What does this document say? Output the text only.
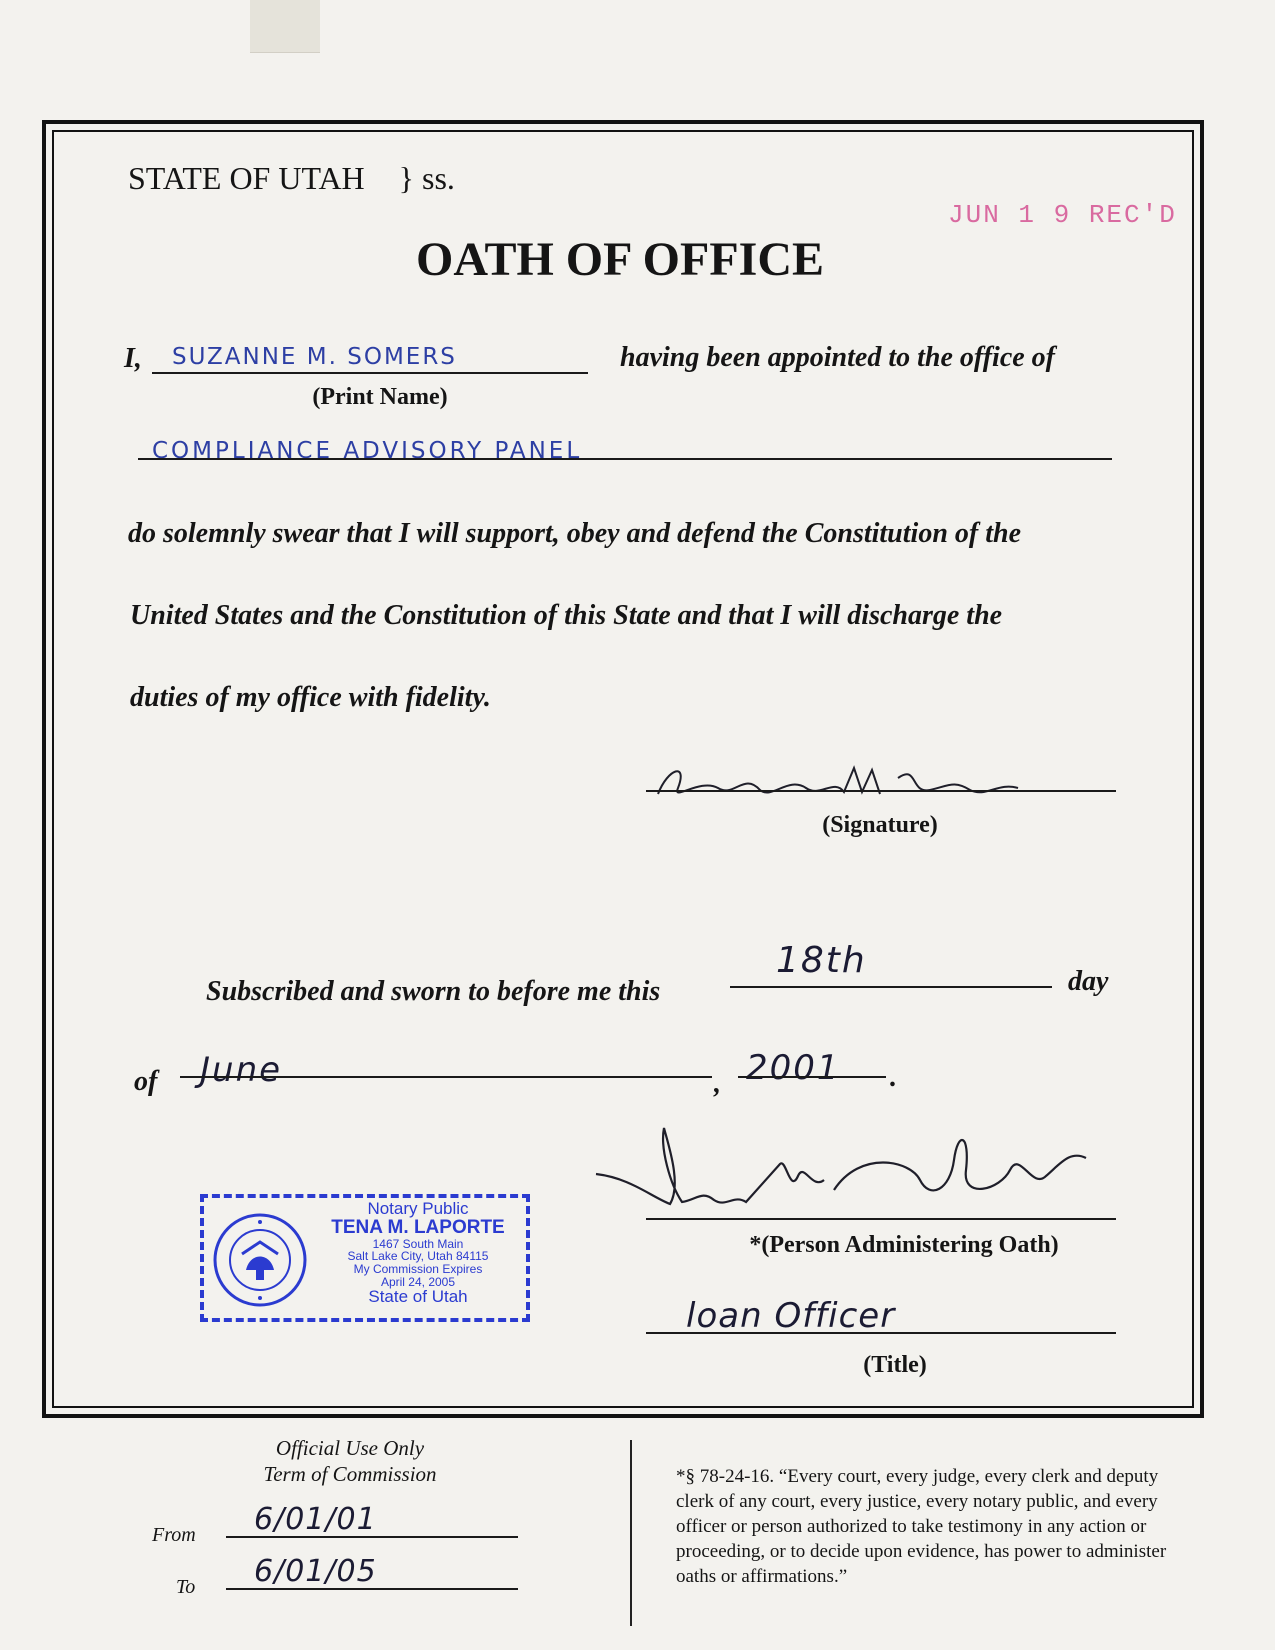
STATE OF UTAH } ss.
JUN 1 9 REC'D
OATH OF OFFICE
I, SUZANNE M. SOMERS	having been appointed to the office of
(Print Name)
COMPLIANCE ADVISORY PANEL
do solemnly swear that I will support, obey and defend the Constitution of the
United States and the Constitution of this State and that I will discharge the
duties of my office with fidelity.
(Signature)
Subscribed and sworn to before me this
18th
day
of June	, 2001 .
Notary Public
TENA M. LAPORTE
1467 South Main
Salt Lake City, Utah 84115
My Commission Expires
April 24, 2005
State of Utah
*(Person Administering Oath)
loan Officer
(Title)
Official Use Only
Term of Commission
From 6/01/01
To 6/01/05
*§ 78-24-16. “Every court, every judge, every clerk and deputy clerk of any court, every justice, every notary public, and every officer or person authorized to take testimony in any action or proceeding, or to decide upon evidence, has power to administer oaths or affirmations.”
